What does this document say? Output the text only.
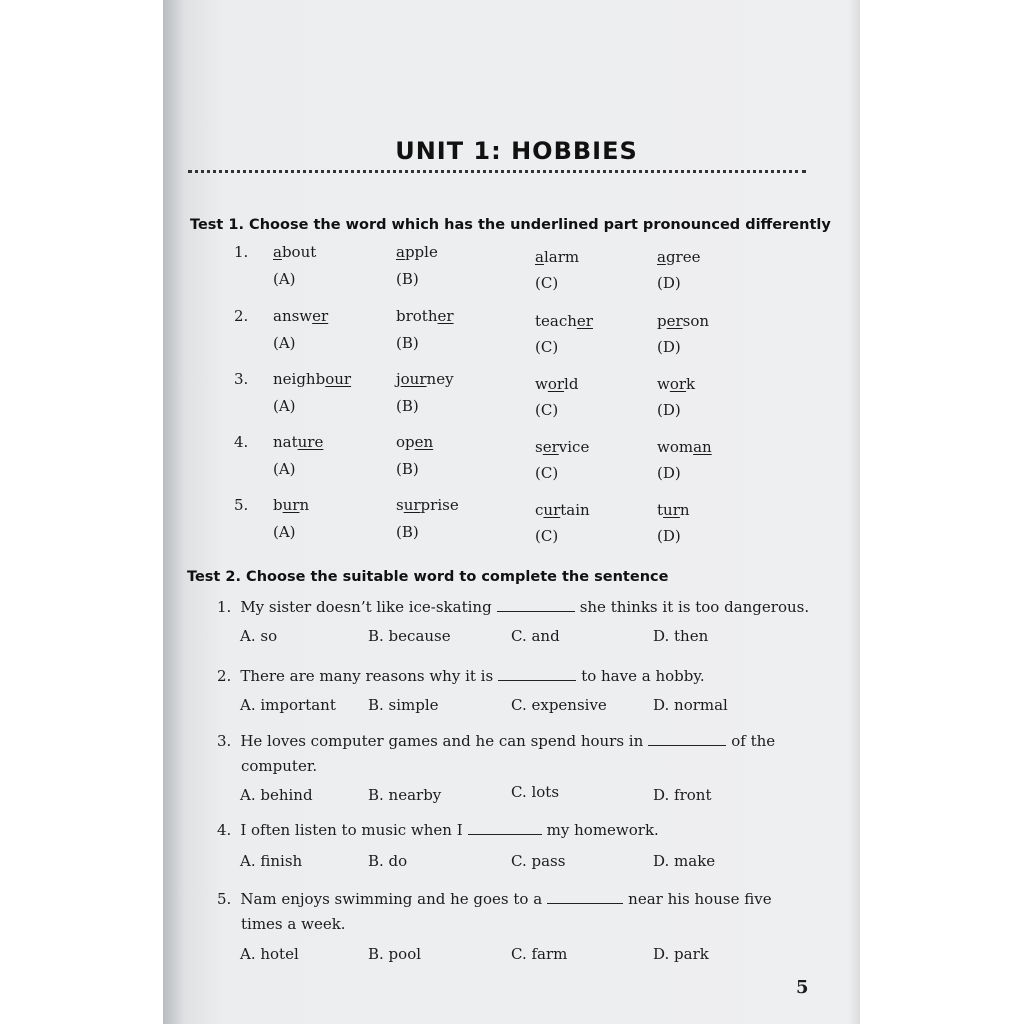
UNIT 1: HOBBIES
Test 1. Choose the word which has the underlined part pronounced differently
1. about
(A)
apple
(B)
alarm
(C)
agree
(D)
2. answer
(A)
brother
(B)
teacher
(C)
person
(D)
3. neighbour
(A)
journey
(B)
world
(C)
work
(D)
4. nature
(A)
open
(B)
service
(C)
woman
(D)
5. burn
(A)
surprise
(B)
curtain
(C)
turn
(D)
Test 2. Choose the suitable word to complete the sentence
1. My sister doesn’t like ice-skating	she thinks it is too dangerous.
A. so	B. because	C. and	D. then
2. There are many reasons why it is	to have a hobby.
A. important B. simple	C. expensive	D. normal
3. He loves computer games and he can spend hours in	of the
computer.
A. behind	B. nearby	C. lots	D. front
4. I often listen to music when I	my homework.
A. finish	B. do	C. pass	D. make
5. Nam enjoys swimming and he goes to a	near his house five
times a week.
A. hotel	B. pool	C. farm	D. park
5
